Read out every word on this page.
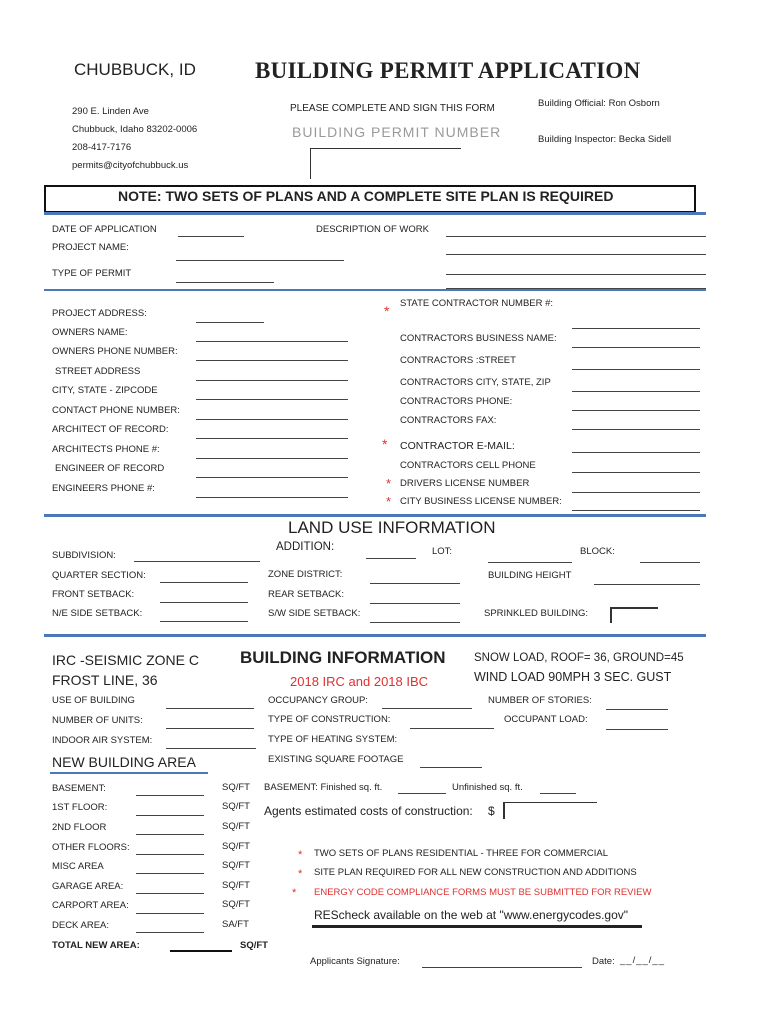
CHUBBUCK, ID	BUILDING PERMIT APPLICATION
290 E. Linden Ave
Chubbuck, Idaho 83202-0006
208-417-7176
permits@cityofchubbuck.us
PLEASE COMPLETE AND SIGN THIS FORM
BUILDING PERMIT NUMBER
Building Official: Ron Osborn
Building Inspector: Becka Sidell
NOTE: TWO SETS OF PLANS AND A COMPLETE SITE PLAN IS REQUIRED
DATE OF APPLICATION
PROJECT NAME:
TYPE OF PERMIT
DESCRIPTION OF WORK
PROJECT ADDRESS:
OWNERS NAME:
OWNERS PHONE NUMBER:
STREET ADDRESS
CITY, STATE - ZIPCODE
CONTACT PHONE NUMBER:
ARCHITECT OF RECORD:
ARCHITECTS PHONE #:
ENGINEER OF RECORD
ENGINEERS PHONE #:
* STATE CONTRACTOR NUMBER #:
CONTRACTORS BUSINESS NAME:
CONTRACTORS :STREET
CONTRACTORS CITY, STATE, ZIP
CONTRACTORS PHONE:
CONTRACTORS FAX:
* CONTRACTOR E-MAIL:
CONTRACTORS CELL PHONE
* DRIVERS LICENSE NUMBER
* CITY BUSINESS LICENSE NUMBER:
LAND USE INFORMATION
ADDITION:
SUBDIVISION:	LOT:	BLOCK:
QUARTER SECTION:	ZONE DISTRICT:	BUILDING HEIGHT
FRONT SETBACK:	REAR SETBACK:
N/E SIDE SETBACK:	S/W SIDE SETBACK:	SPRINKLED BUILDING:
IRC -SEISMIC ZONE C
FROST LINE, 36
BUILDING INFORMATION
2018 IRC and 2018 IBC
SNOW LOAD, ROOF= 36, GROUND=45
WIND LOAD 90MPH 3 SEC. GUST
USE OF BUILDING	OCCUPANCY GROUP:	NUMBER OF STORIES:
NUMBER OF UNITS:	TYPE OF CONSTRUCTION:	OCCUPANT LOAD:
INDOOR AIR SYSTEM:	TYPE OF HEATING SYSTEM:
NEW BUILDING AREA	EXISTING SQUARE FOOTAGE
BASEMENT:	SQ/FT
1ST FLOOR:	SQ/FT
2ND FLOOR	SQ/FT
OTHER FLOORS:	SQ/FT
MISC AREA	SQ/FT
GARAGE AREA:	SQ/FT
CARPORT AREA:	SQ/FT
DECK AREA:	SA/FT
TOTAL NEW AREA:	SQ/FT
BASEMENT: Finished sq. ft.	Unfinished sq. ft.
Agents estimated costs of construction: $
* TWO SETS OF PLANS RESIDENTIAL - THREE FOR COMMERCIAL
* SITE PLAN REQUIRED FOR ALL NEW CONSTRUCTION AND ADDITIONS
* ENERGY CODE COMPLIANCE FORMS MUST BE SUBMITTED FOR REVIEW
REScheck available on the web at "www.energycodes.gov"
Applicants Signature:	Date: __/__/__
